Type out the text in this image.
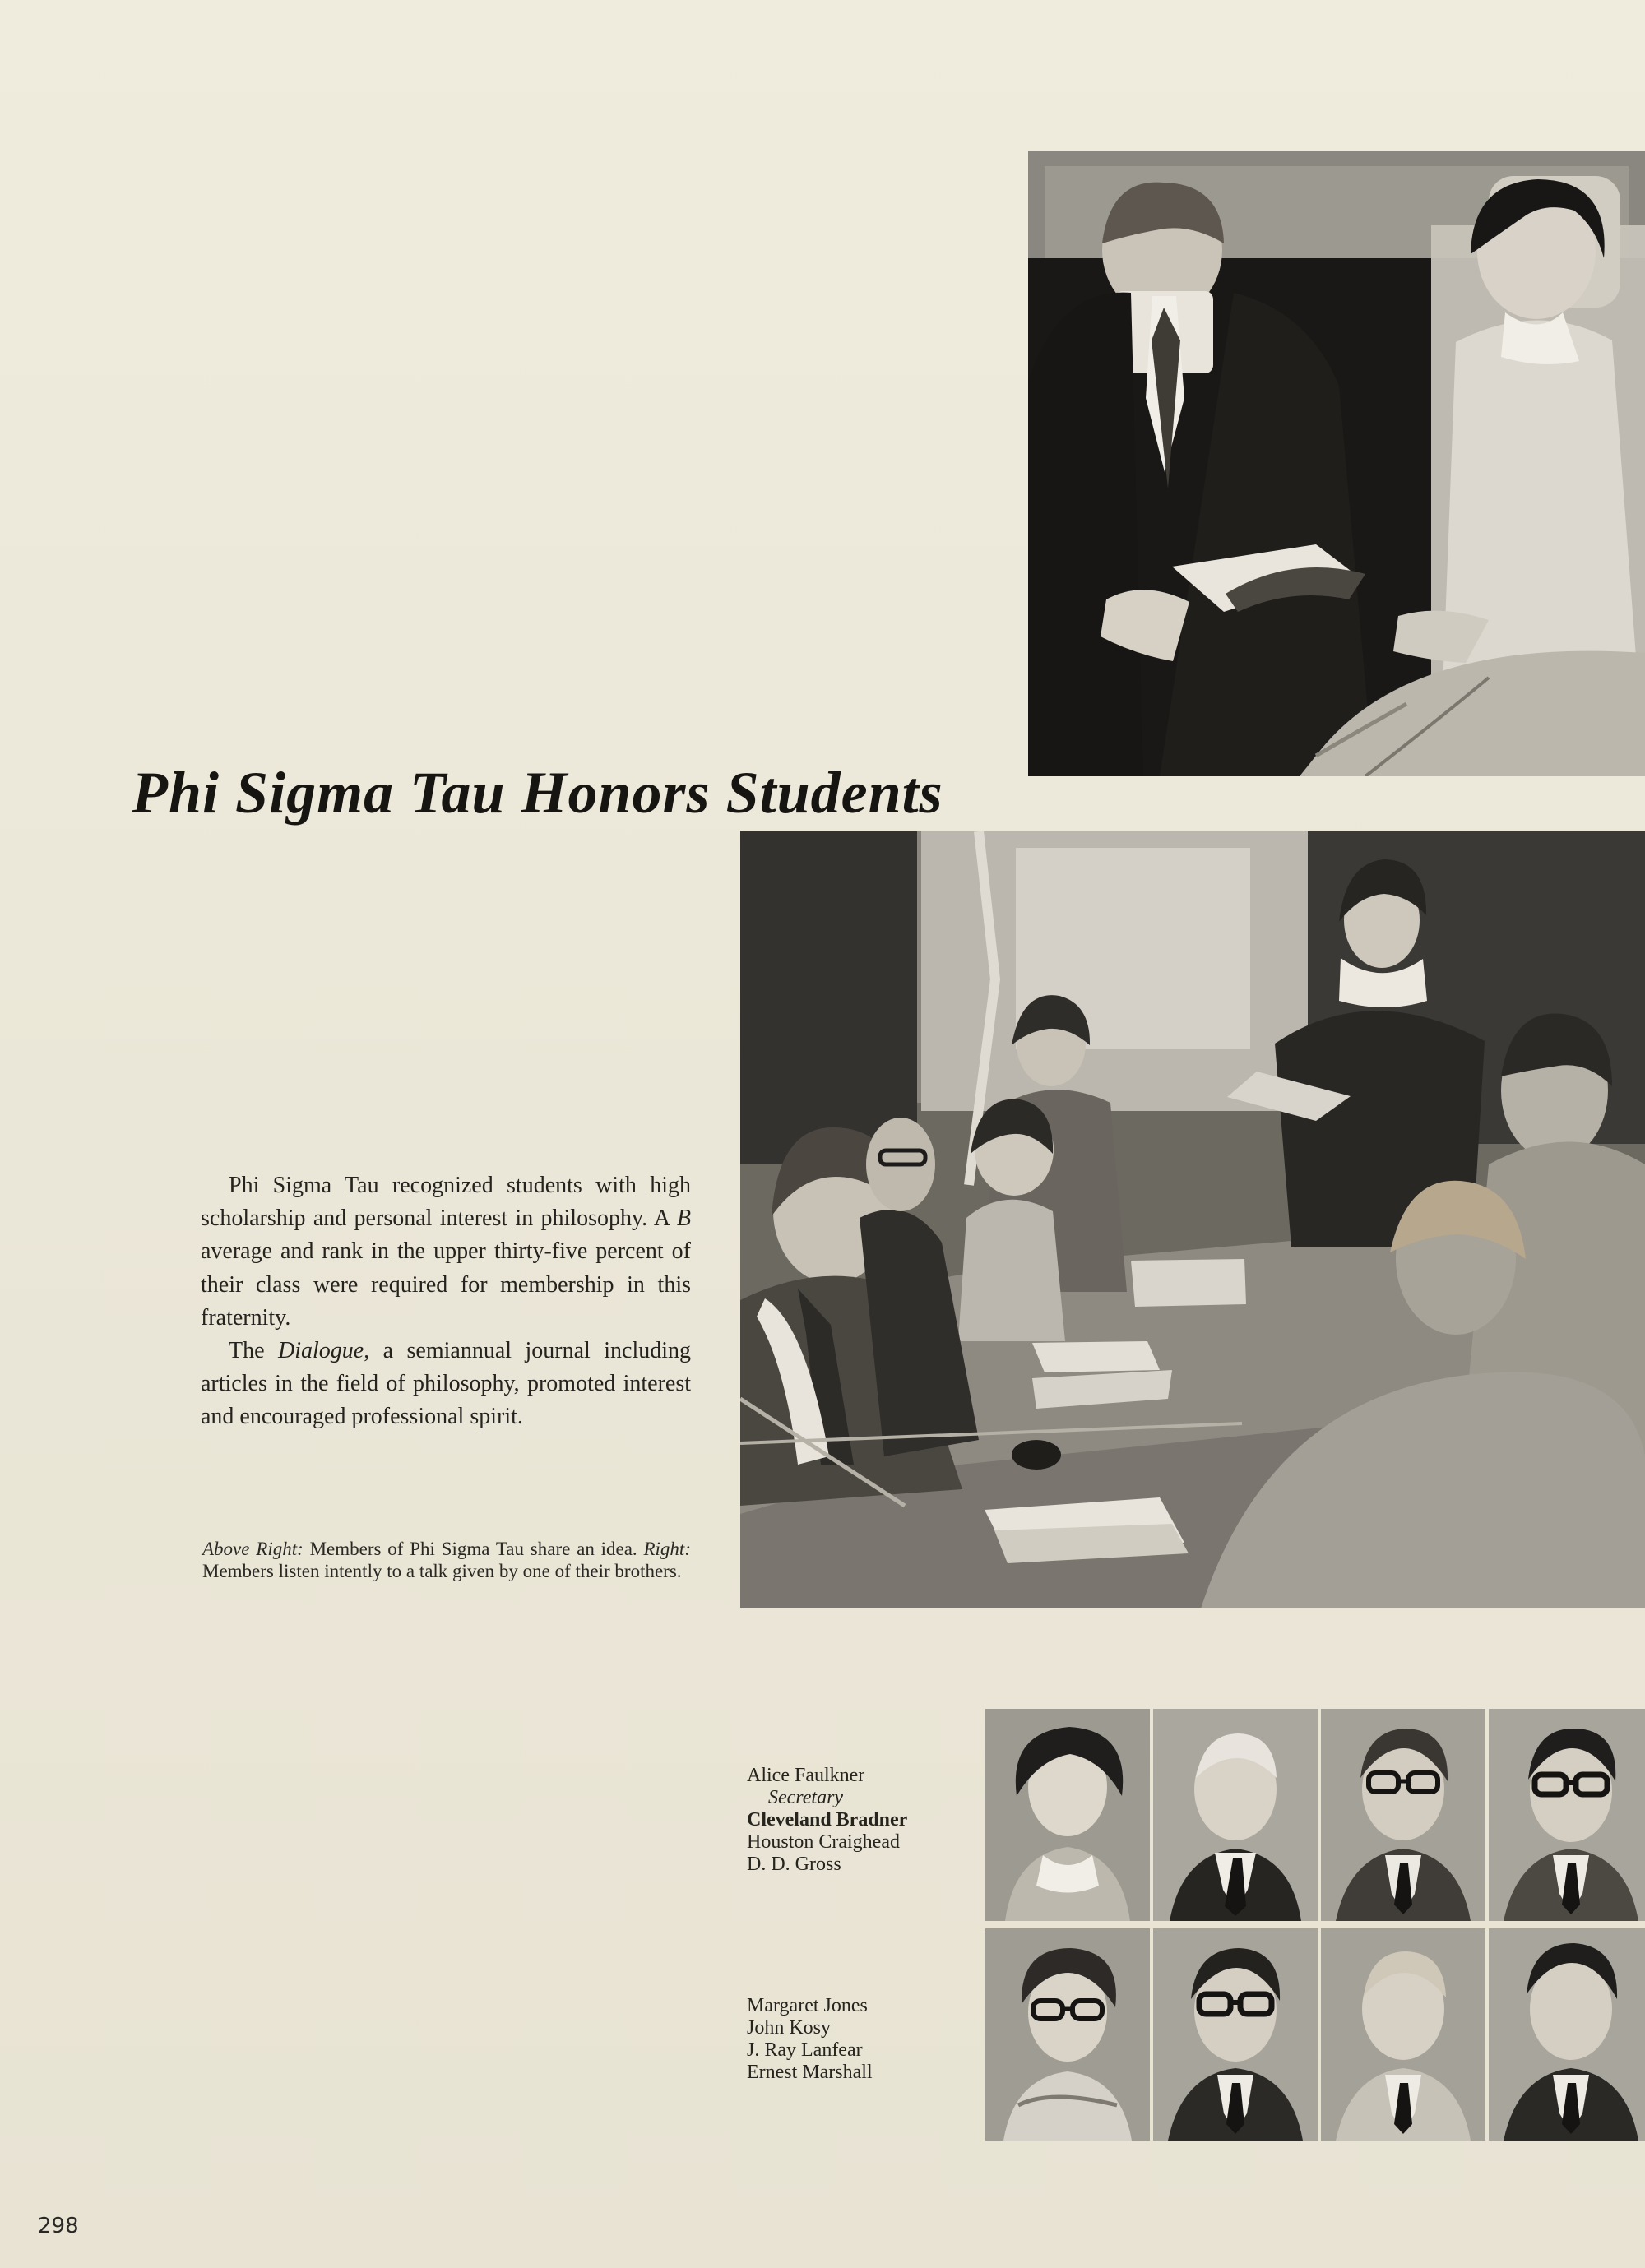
Phi Sigma Tau Honors Students

Phi Sigma Tau recognized students with high scholarship and personal interest in philosophy. A B average and rank in the upper thirty-five percent of their class were required for membership in this fraternity.

The Dialogue, a semiannual journal including articles in the field of philosophy, promoted interest and encouraged professional spirit.

Above Right: Members of Phi Sigma Tau share an idea. Right: Members listen intently to a talk given by one of their brothers.
Alice Faulkner
Secretary
Cleveland Bradner
Houston Craighead
D. D. Gross
Margaret Jones
John Kosy
J. Ray Lanfear
Ernest Marshall
298
